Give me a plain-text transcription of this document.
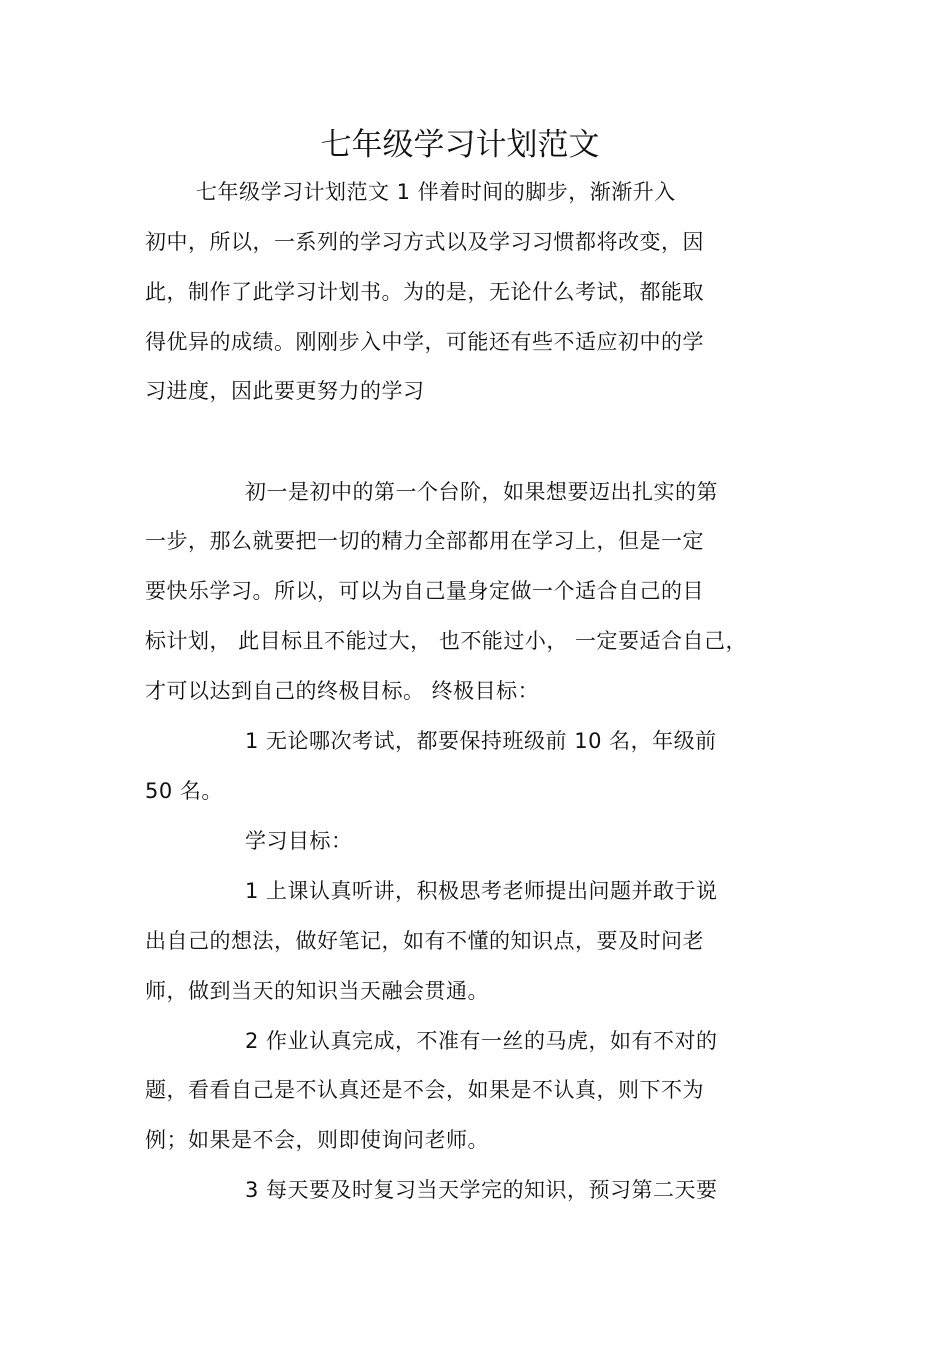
七年级学习计划范文
七年级学习计划范文 1 伴着时间的脚步，渐渐升入
初中，所以，一系列的学习方式以及学习习惯都将改变，因
此，制作了此学习计划书。为的是，无论什么考试，都能取
得优异的成绩。刚刚步入中学，可能还有些不适应初中的学
习进度，因此要更努力的学习
初一是初中的第一个台阶，如果想要迈出扎实的第
一步，那么就要把一切的精力全部都用在学习上，但是一定
要快乐学习。所以，可以为自己量身定做一个适合自己的目
标计划， 此目标且不能过大， 也不能过小， 一定要适合自己，
才可以达到自己的终极目标。 终极目标：
1 无论哪次考试，都要保持班级前 10 名，年级前
50 名。
学习目标：
1 上课认真听讲，积极思考老师提出问题并敢于说
出自己的想法，做好笔记，如有不懂的知识点，要及时问老
师，做到当天的知识当天融会贯通。
2 作业认真完成，不准有一丝的马虎，如有不对的
题，看看自己是不认真还是不会，如果是不认真，则下不为
例；如果是不会，则即使询问老师。
3 每天要及时复习当天学完的知识，预习第二天要
